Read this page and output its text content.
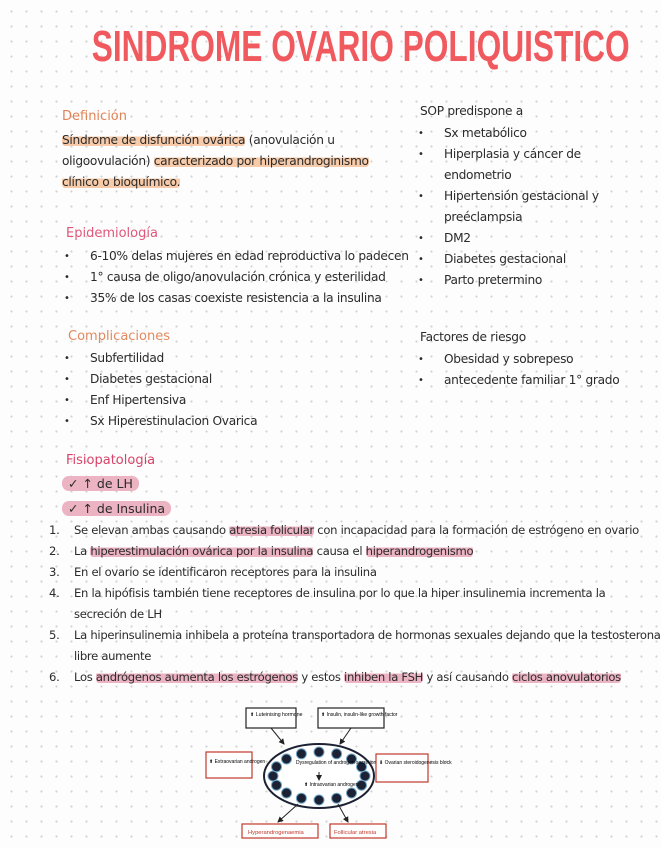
SINDROME OVARIO POLIQUISTICO
Definición
Síndrome de disfunción ovárica (anovulación u
oligoovulación) caracterizado por hiperandroginismo
clínico o bioquímico.
Epidemiología
• 6-10% delas mujeres en edad reproductiva lo padecen
• 1° causa de oligo/anovulación crónica y esterilidad
• 35% de los casas coexiste resistencia a la insulina
Complicaciones
• Subfertilidad
• Diabetes gestacional
• Enf Hipertensiva
• Sx Hiperestinulacion Ovarica
SOP predispone a
• Sx metabólico
• Hiperplasia y cáncer de
endometrio
• Hipertensión gestacional y
preéclampsia
• DM2
• Diabetes gestacional
• Parto pretermino
Factores de riesgo
• Obesidad y sobrepeso
• antecedente familiar 1° grado
Fisiopatología
✓ ↑ de LH
✓ ↑ de Insulina
1. Se elevan ambas causando atresia folicular con incapacidad para la formación de estrógeno en ovario
2. La hiperestimulación ovárica por la insulina causa el hiperandrogenismo
3. En el ovario se identificaron receptores para la insulina
4. En la hipófisis también tiene receptores de insulina por lo que la hiper insulinemia incrementa la
secreción de LH
5. La hiperinsulinemia inhibela a proteína transportadora de hormonas sexuales dejando que la testosterona
libre aumente
6. Los andrógenos aumenta los estrógenos y estos inhiben la FSH y así causando ciclos anovulatorios
⬆ Luteinising hormone	⬆ Insulin, insulin-like growth factor
⬆ Extraovarian androgen	⬇ Ovarian steroidogenesis block
Dysregulation of androgen secretion
⬆ Intraovarian androgen
Hyperandrogenaemia	Follicular atresia
